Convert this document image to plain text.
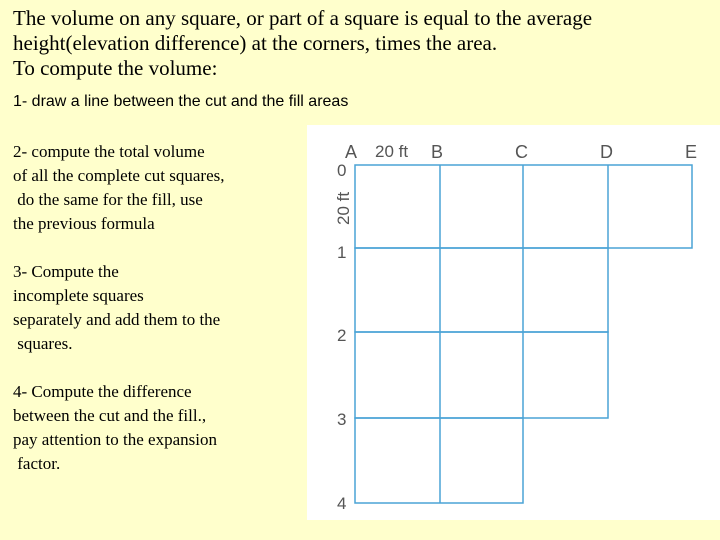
The volume on any square, or part of a square is equal to the average
height(elevation difference) at the corners, times the area.
To compute the volume:
1- draw a line between the cut and the fill areas
2- compute the total volume
of all the complete cut squares,
do the same for the fill, use
the previous formula
3- Compute the
incomplete squares
separately and add them to the
squares.
4- Compute the difference
between the cut and the fill.,
pay attention to the expansion
factor.
A	B	C	D	E
20 ft
0
1
2
3
4
20 ft
